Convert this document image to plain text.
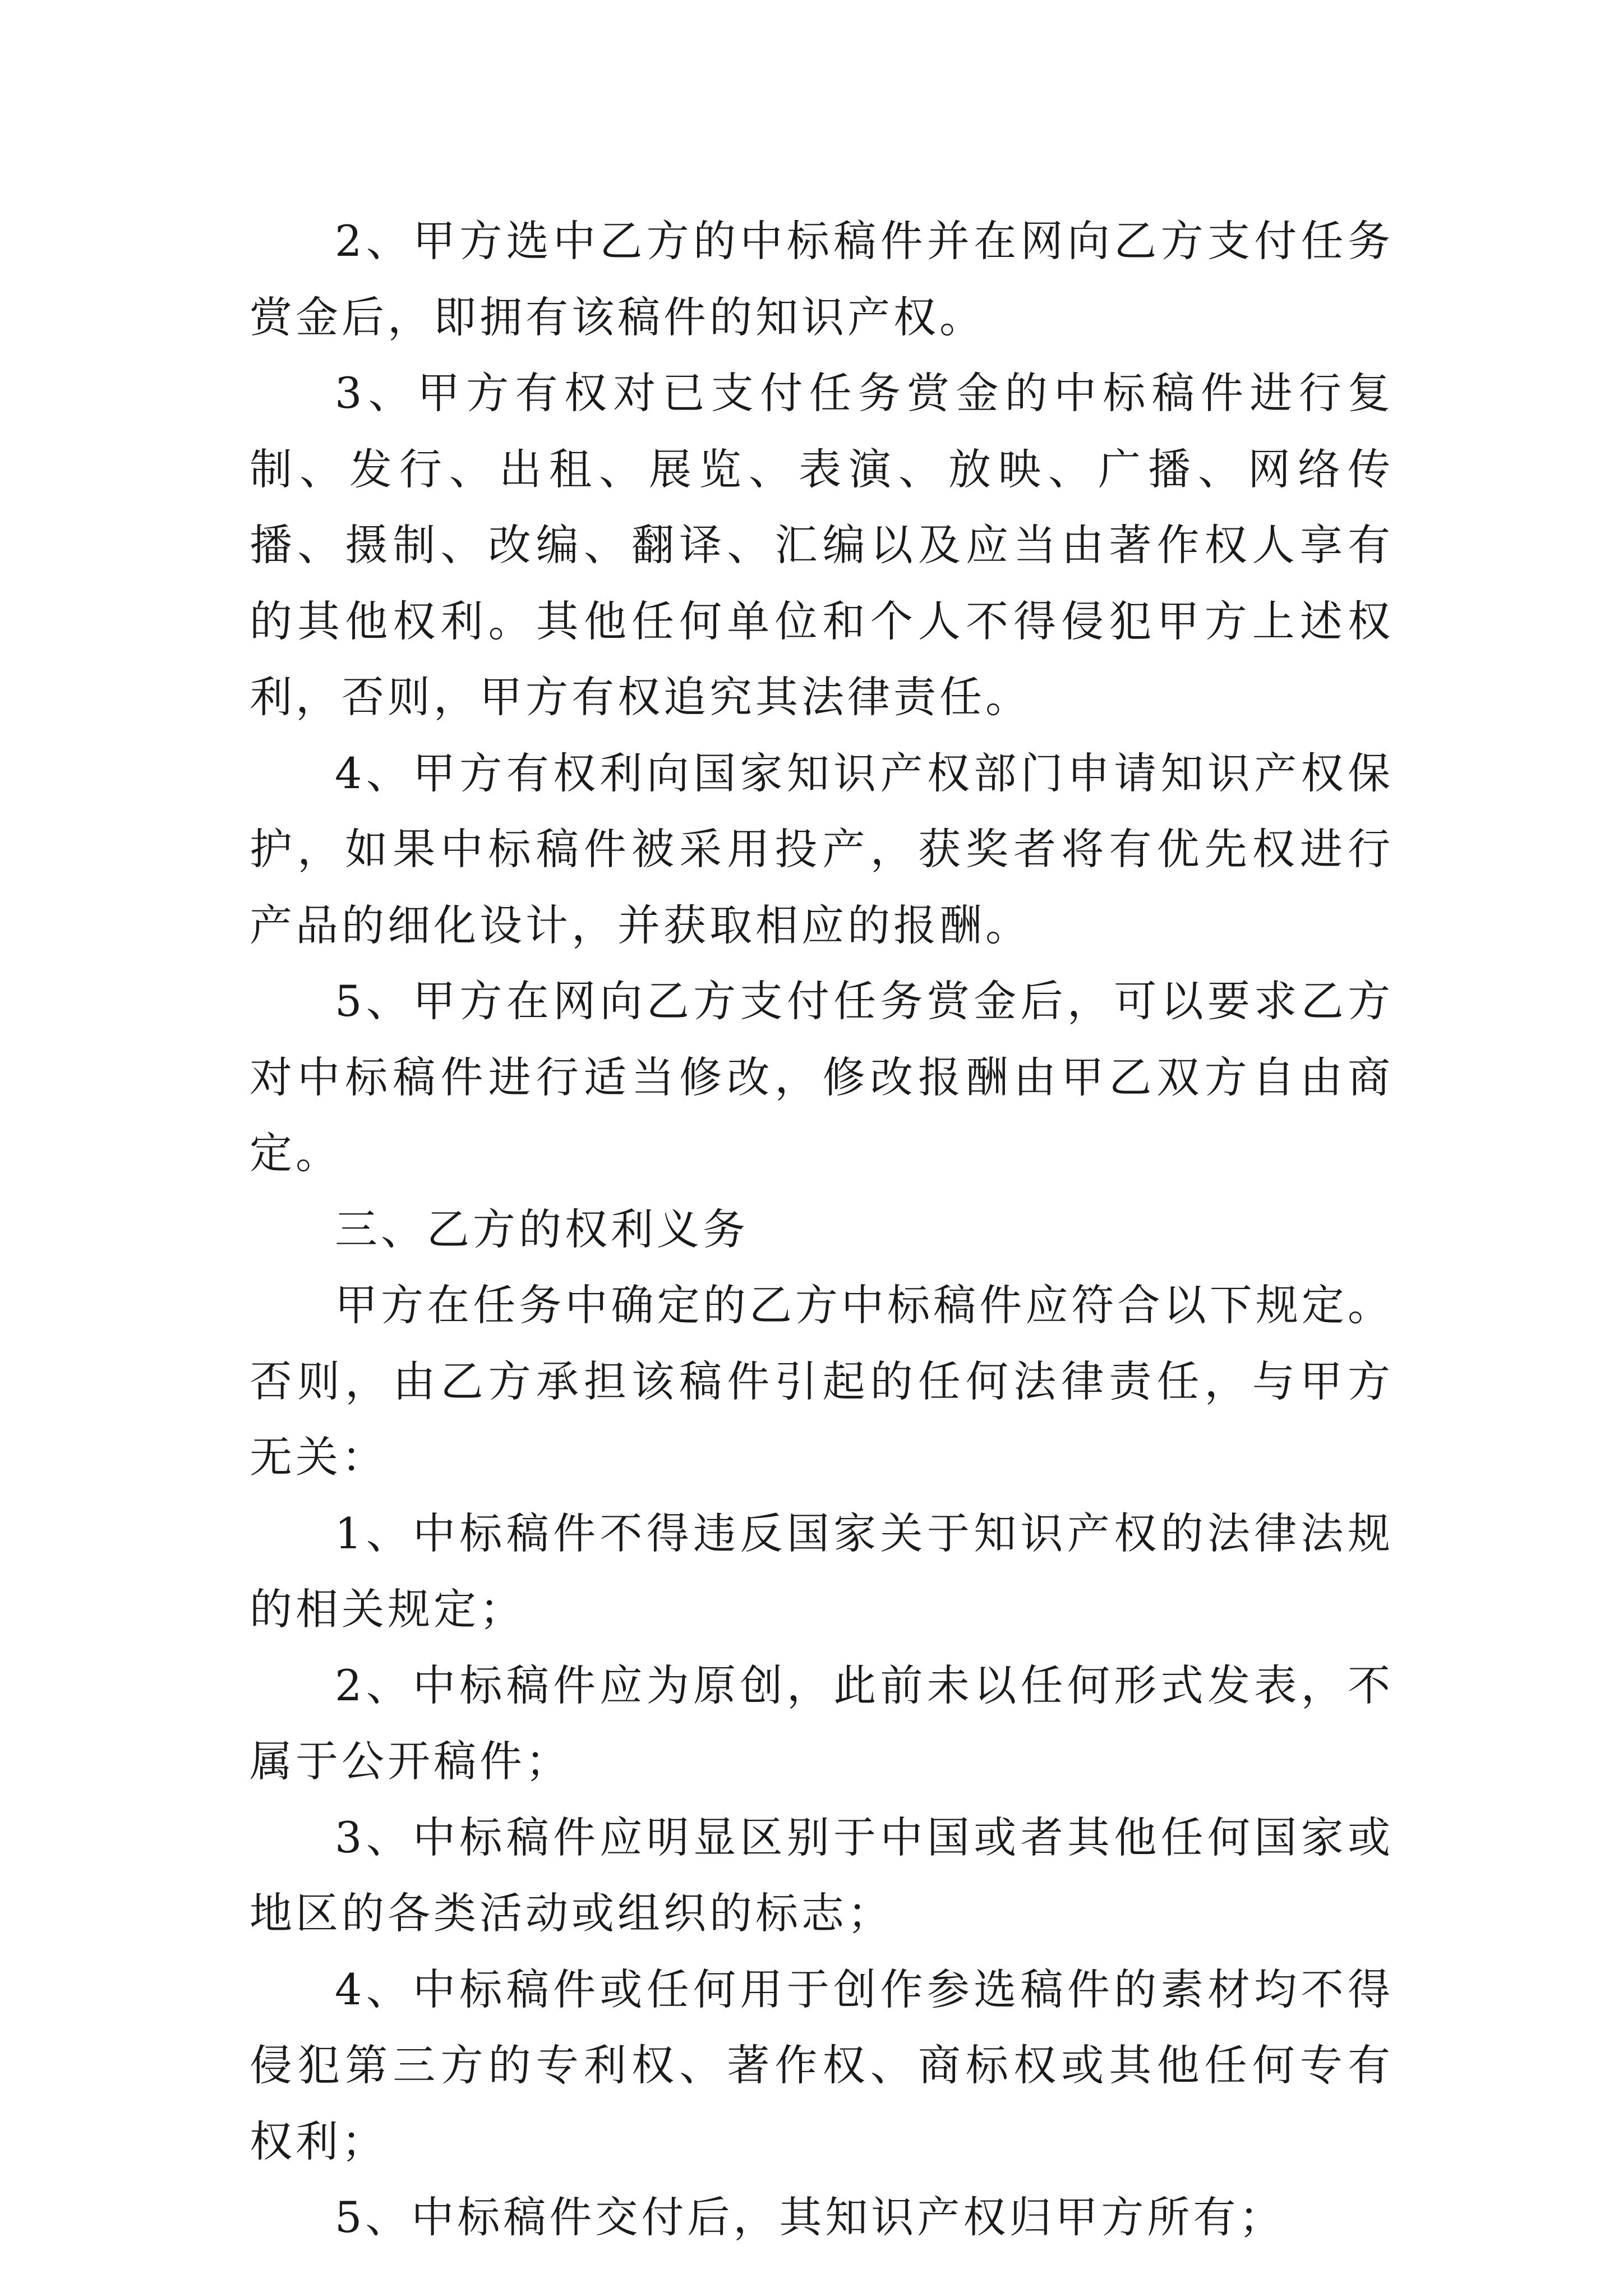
2、甲方选中乙方的中标稿件并在网向乙方支付任务赏金后，即拥有该稿件的知识产权。

3、甲方有权对已支付任务赏金的中标稿件进行复制、发行、出租、展览、表演、放映、广播、网络传播、摄制、改编、翻译、汇编以及应当由著作权人享有的其他权利。其他任何单位和个人不得侵犯甲方上述权利，否则，甲方有权追究其法律责任。

4、甲方有权利向国家知识产权部门申请知识产权保护，如果中标稿件被采用投产，获奖者将有优先权进行产品的细化设计，并获取相应的报酬。

5、甲方在网向乙方支付任务赏金后，可以要求乙方对中标稿件进行适当修改，修改报酬由甲乙双方自由商定。

三、乙方的权利义务

甲方在任务中确定的乙方中标稿件应符合以下规定。否则，由乙方承担该稿件引起的任何法律责任，与甲方无关：

1、中标稿件不得违反国家关于知识产权的法律法规的相关规定；

2、中标稿件应为原创，此前未以任何形式发表，不属于公开稿件；

3、中标稿件应明显区别于中国或者其他任何国家或地区的各类活动或组织的标志；

4、中标稿件或任何用于创作参选稿件的素材均不得侵犯第三方的专利权、著作权、商标权或其他任何专有权利；

5、中标稿件交付后，其知识产权归甲方所有；
